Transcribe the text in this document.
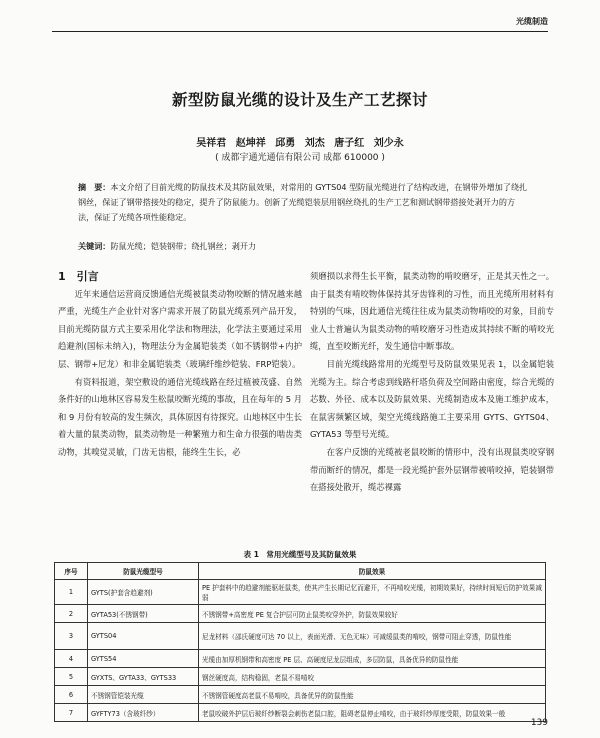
光缆制造
新型防鼠光缆的设计及生产工艺探讨
吴祥君 赵坤祥 邱勇 刘杰 唐子红 刘少永
( 成都宇通光通信有限公司 成都 610000 )
摘　要：本文介绍了目前光缆的防鼠技术及其防鼠效果，对常用的 GYTS04 型防鼠光缆进行了结构改进，在钢带外增加了绕扎钢丝，保证了钢带搭接处的稳定，提升了防鼠能力。创新了光缆铠装层用钢丝绕扎的生产工艺和测试钢带搭接处剥开力的方法，保证了光缆各项性能稳定。
关键词：防鼠光缆；铠装钢带；绕扎钢丝；剥开力

1　引言

近年来通信运营商反馈通信光缆被鼠类动物咬断的情况越来越严重，光缆生产企业针对客户需求开展了防鼠光缆系列产品开发，目前光缆防鼠方式主要采用化学法和物理法，化学法主要通过采用趋避剂(国标未纳入)，物理法分为金属铠装类（如不锈钢带+内护层、钢带+尼龙）和非金属铠装类（玻璃纤维纱铠装、FRP铠装）。

有资料报道，架空敷设的通信光缆线路在经过植被茂盛、自然条件好的山地林区容易发生松鼠咬断光缆的事故，且在每年的 5 月和 9 月份有较高的发生频次，具体原因有待探究。山地林区中生长着大量的鼠类动物，鼠类动物是一种繁殖力和生命力很强的啮齿类动物，其嗅觉灵敏，门齿无齿根，能终生生长，必

须磨损以求得生长平衡，鼠类动物的啃咬磨牙，正是其天性之一。由于鼠类有啃咬物体保持其牙齿锋利的习性，而且光缆所用材料有特别的气味，因此通信光缆往往成为鼠类动物啃咬的对象，目前专业人士普遍认为鼠类动物的啃咬磨牙习性造成其持续不断的啃咬光缆，直至咬断光纤，发生通信中断事故。

目前光缆线路常用的光缆型号及防鼠效果见表 1，以金属铠装光缆为主。综合考虑到线路杆塔负荷及空间路由密度，综合光缆的芯数、外径、成本以及防鼠效果、光缆制造成本及施工维护成本，在鼠害频繁区域，架空光缆线路施工主要采用 GYTS、GYTS04、GYTA53 等型号光缆。

在客户反馈的光缆被老鼠咬断的情形中，没有出现鼠类咬穿钢带而断纤的情况，都是一段光缆护套外层钢带被啃咬掉，铠装钢带在搭接处散开，缆芯裸露

表 1　常用光缆型号及其防鼠效果
序号	防鼠光缆型号	防鼠效果
1	GYTS(护套含趋避剂)	PE 护套料中的趋避剂能驱赶鼠类，使其产生长期记忆而避开，不再啃咬光缆，初期效果好，持续时间短后防护效果减弱
2	GYTA53(不锈钢带)	不锈钢带+高密度 PE 复合护层可防止鼠类咬穿外护，防鼠效果较好
3	GYTS04	尼龙材料（邵氏硬度可达 70 以上，表面光滑、无色无味）可减缓鼠类的啃咬，钢带可阻止穿透，防鼠性能
4	GYTS54	光缆由加厚机钢带和高密度 PE 层、高硬度尼龙层组成，多层防鼠，具备优异的防鼠性能
5	GYXTS、GYTA33、GYTS33	钢丝硬度高，结构稳固，老鼠不易啃咬
6	不锈钢管铠装光缆	不锈钢管硬度高老鼠不易啃咬，具备优异的防鼠性能
7	GYFTY73（含玻纤纱）	老鼠咬破外护层后玻纤纱断裂会刺伤老鼠口腔，阻碍老鼠停止啃咬，由于玻纤纱厚度受限，防鼠效果一般
139
